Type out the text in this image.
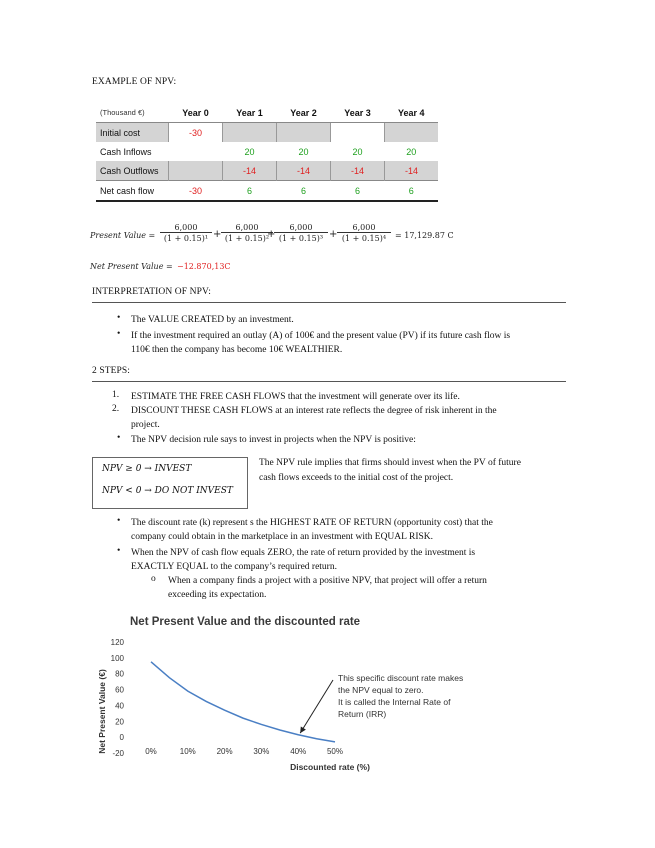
EXAMPLE OF NPV:
(Thousand €)	Year 0	Year 1	Year 2	Year 3	Year 4
Initial cost	-30				
Cash Inflows		20	20	20	20
Cash Outflows		-14	-14	-14	-14
Net cash flow	-30	6	6	6	6
Present Value = $\frac{6,000}{\text{(1 + 0.15)¹}} + \frac{6,000}{\text{(1 + 0.15)²}}$
+
$\frac{6,000}{\text{(1 + 0.15)³}} + \frac{6,000}{\text{(1 + 0.15)⁴}} = 17,129.87$ C
Net Present Value = −12.870,13C
INTERPRETATION OF NPV:
• The VALUE CREATED by an investment.
• If the investment required an outlay (A) of 100€ and the present value (PV) if its future cash flow is
110€ then the company has become 10€ WEALTHIER.
2 STEPS:
1. ESTIMATE THE FREE CASH FLOWS that the investment will generate over its life.
2. DISCOUNT THESE CASH FLOWS at an interest rate reflects the degree of risk inherent in the
project.
• The NPV decision rule says to invest in projects when the NPV is positive:
NPV ≥ 0 → INVEST
NPV < 0 → DO NOT INVEST
The NPV rule implies that firms should invest when the PV of future
cash flows exceeds to the initial cost of the project.
• The discount rate (k) represent s the HIGHEST RATE OF RETURN (opportunity cost) that the
company could obtain in the marketplace in an investment with EQUAL RISK.
• When the NPV of cash flow equals ZERO, the rate of return provided by the investment is
EXACTLY EQUAL to the company’s required return.
o When a company finds a project with a positive NPV, that project will offer a return
exceeding its expectation.
Net Present Value and the discounted rate
120
100
80
60
40
20
0
-20	0%	10%	20%	30%	40%	50%
Net Present Value (€)
Discounted rate (%)
This specific discount rate makes
the NPV equal to zero.
It is called the Internal Rate of
Return (IRR)
